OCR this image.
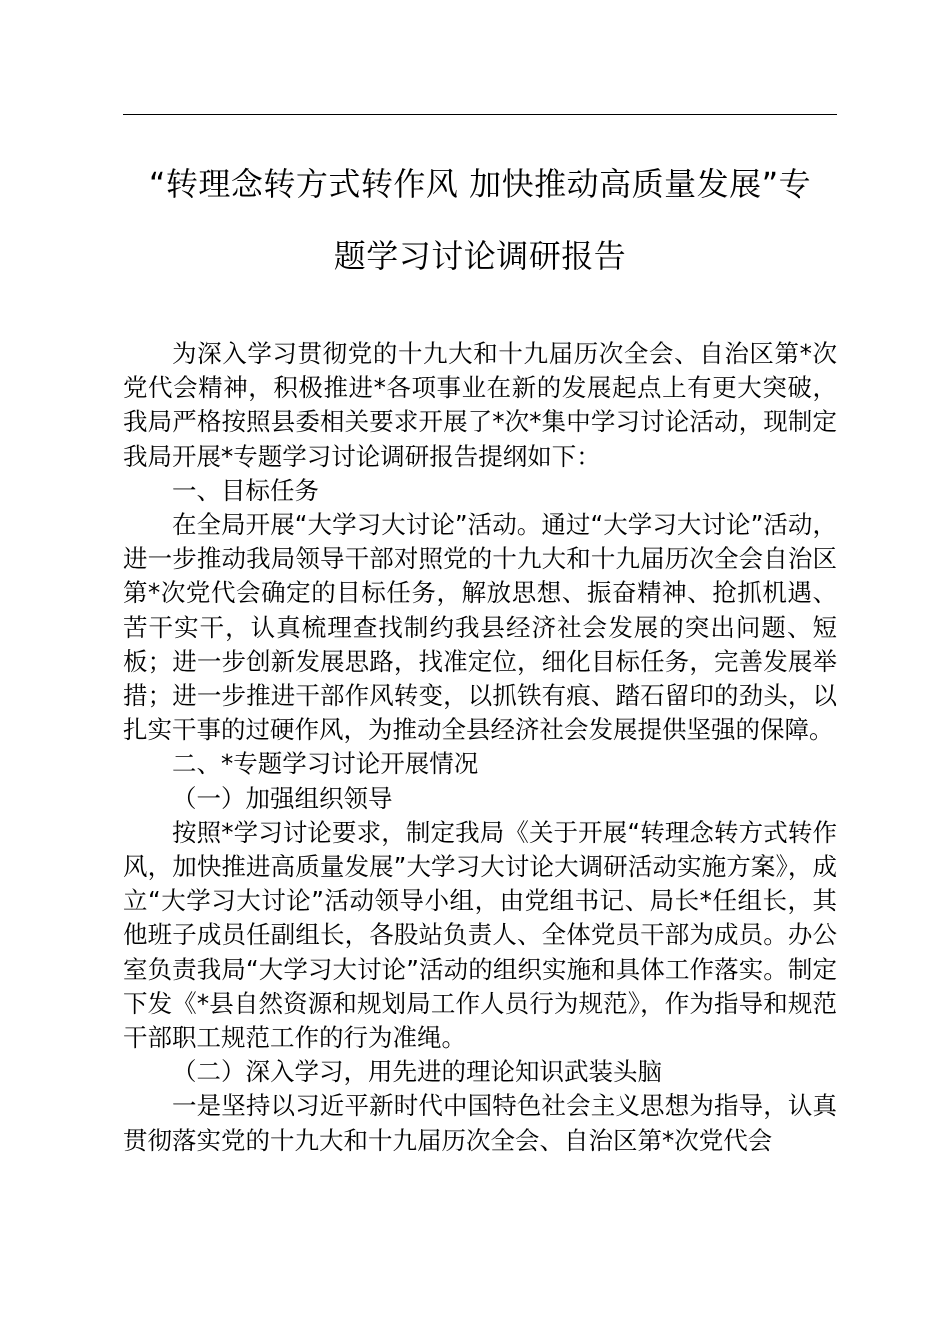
“转理念转方式转作风 加快推动高质量发展”专
题学习讨论调研报告

为深入学习贯彻党的十九大和十九届历次全会、自治区第*次党代会精神，积极推进*各项事业在新的发展起点上有更大突破，我局严格按照县委相关要求开展了*次*集中学习讨论活动，现制定我局开展*专题学习讨论调研报告提纲如下：

一、目标任务

在全局开展“大学习大讨论”活动。通过“大学习大讨论”活动，进一步推动我局领导干部对照党的十九大和十九届历次全会自治区第*次党代会确定的目标任务，解放思想、振奋精神、抢抓机遇、苦干实干，认真梳理查找制约我县经济社会发展的突出问题、短板；进一步创新发展思路，找准定位，细化目标任务，完善发展举措；进一步推进干部作风转变，以抓铁有痕、踏石留印的劲头，以扎实干事的过硬作风，为推动全县经济社会发展提供坚强的保障。

二、*专题学习讨论开展情况

（一）加强组织领导

按照*学习讨论要求，制定我局《关于开展“转理念转方式转作风，加快推进高质量发展”大学习大讨论大调研活动实施方案》，成立“大学习大讨论”活动领导小组，由党组书记、局长*任组长，其他班子成员任副组长，各股站负责人、全体党员干部为成员。办公室负责我局“大学习大讨论”活动的组织实施和具体工作落实。制定下发《*县自然资源和规划局工作人员行为规范》，作为指导和规范干部职工规范工作的行为准绳。

（二）深入学习，用先进的理论知识武装头脑

一是坚持以习近平新时代中国特色社会主义思想为指导，认真贯彻落实党的十九大和十九届历次全会、自治区第*次党代会
